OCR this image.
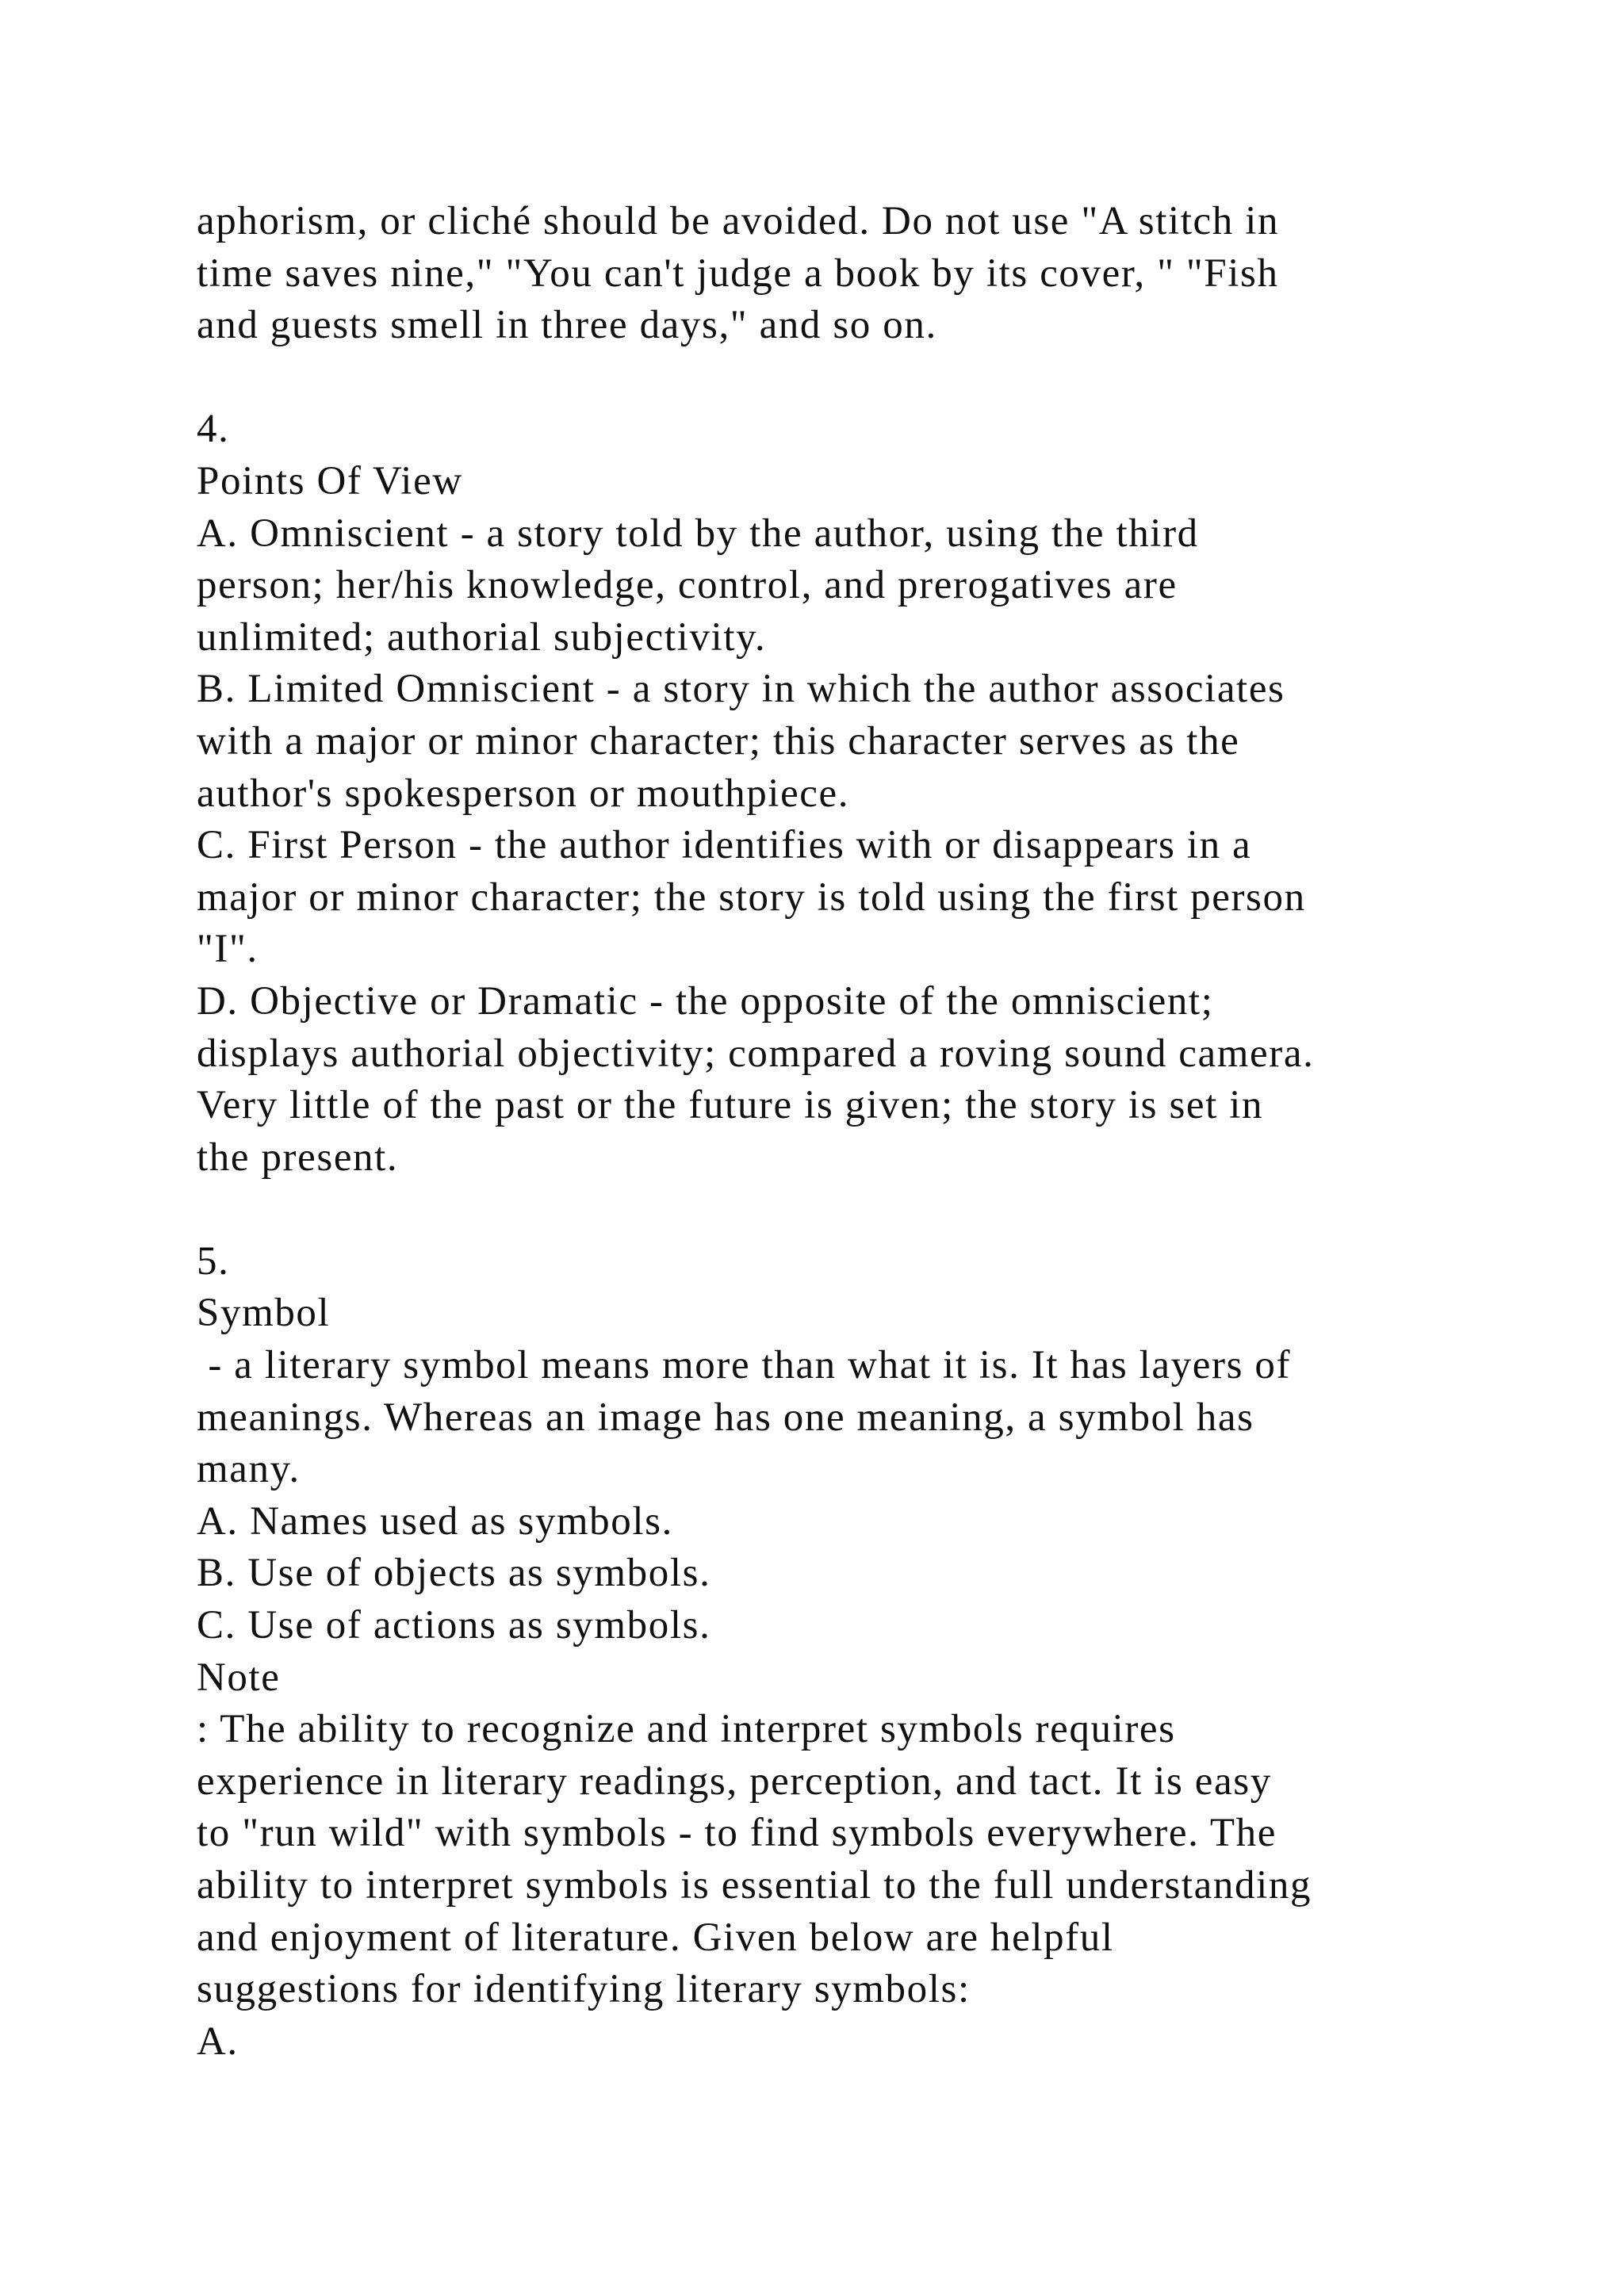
aphorism, or cliché should be avoided. Do not use "A stitch in
time saves nine," "You can't judge a book by its cover, " "Fish
and guests smell in three days," and so on.
4.
Points Of View
A. Omniscient - a story told by the author, using the third
person; her/his knowledge, control, and prerogatives are
unlimited; authorial subjectivity.
B. Limited Omniscient - a story in which the author associates
with a major or minor character; this character serves as the
author's spokesperson or mouthpiece.
C. First Person - the author identifies with or disappears in a
major or minor character; the story is told using the first person
"I".
D. Objective or Dramatic - the opposite of the omniscient;
displays authorial objectivity; compared a roving sound camera.
Very little of the past or the future is given; the story is set in
the present.
5.
Symbol
- a literary symbol means more than what it is. It has layers of
meanings. Whereas an image has one meaning, a symbol has
many.
A. Names used as symbols.
B. Use of objects as symbols.
C. Use of actions as symbols.
Note
: The ability to recognize and interpret symbols requires
experience in literary readings, perception, and tact. It is easy
to "run wild" with symbols - to find symbols everywhere. The
ability to interpret symbols is essential to the full understanding
and enjoyment of literature. Given below are helpful
suggestions for identifying literary symbols:
A.
